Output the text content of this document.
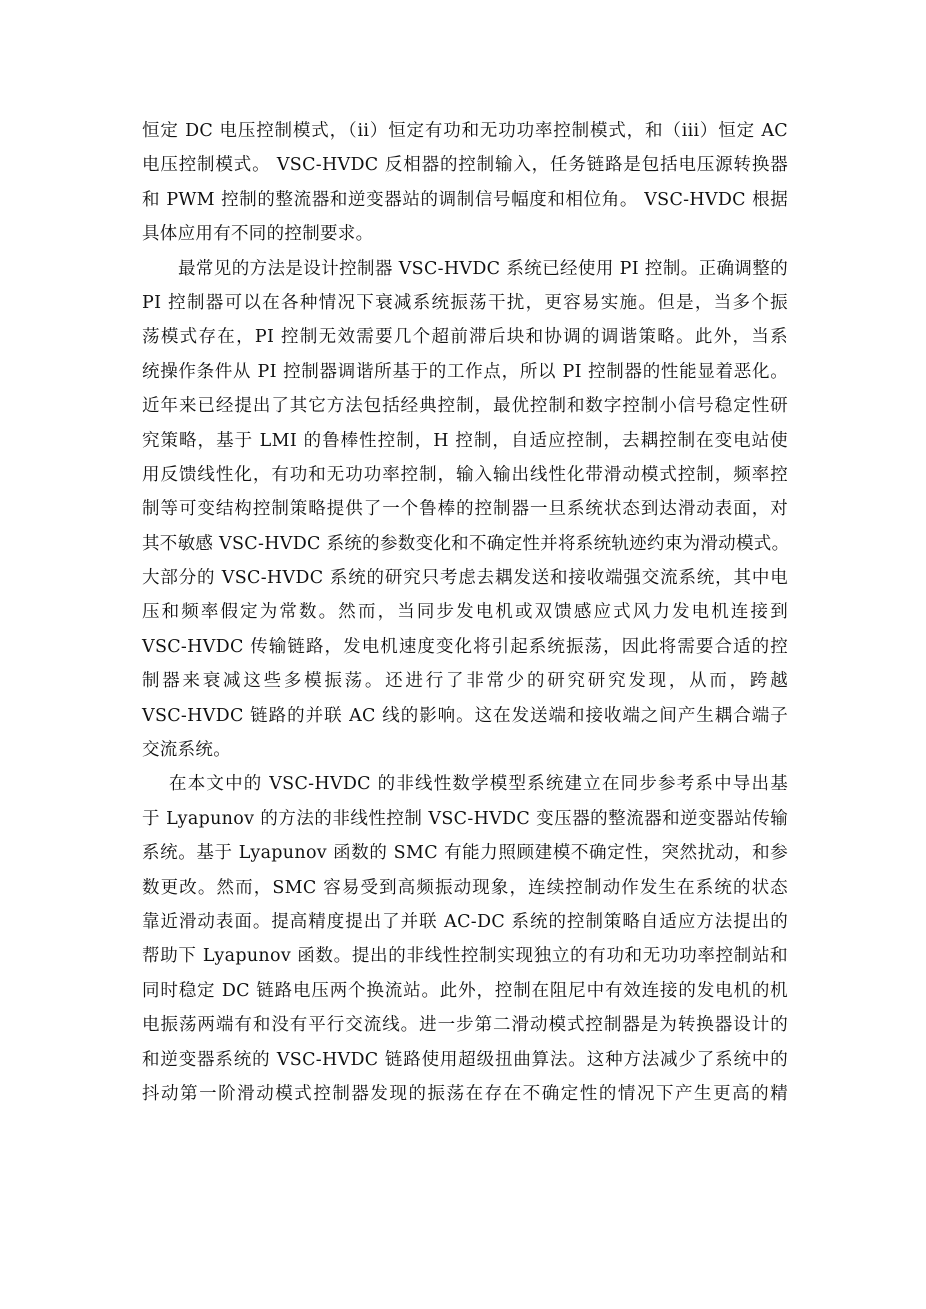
恒定 DC 电压控制模式，（ii）恒定有功和无功功率控制模式，和（iii）恒定 AC
电压控制模式。 VSC-HVDC 反相器的控制输入，任务链路是包括电压源转换器
和 PWM 控制的整流器和逆变器站的调制信号幅度和相位角。 VSC-HVDC 根据
具体应用有不同的控制要求。
最常见的方法是设计控制器 VSC-HVDC 系统已经使用 PI 控制。正确调整的
PI 控制器可以在各种情况下衰减系统振荡干扰，更容易实施。但是，当多个振
荡模式存在，PI 控制无效需要几个超前滞后块和协调的调谐策略。此外，当系
统操作条件从 PI 控制器调谐所基于的工作点，所以 PI 控制器的性能显着恶化。
近年来已经提出了其它方法包括经典控制，最优控制和数字控制小信号稳定性研
究策略，基于 LMI 的鲁棒性控制，H 控制，自适应控制，去耦控制在变电站使
用反馈线性化，有功和无功功率控制，输入输出线性化带滑动模式控制，频率控
制等可变结构控制策略提供了一个鲁棒的控制器一旦系统状态到达滑动表面，对
其不敏感 VSC-HVDC 系统的参数变化和不确定性并将系统轨迹约束为滑动模式。
大部分的 VSC-HVDC 系统的研究只考虑去耦发送和接收端强交流系统，其中电
压和频率假定为常数。然而，当同步发电机或双馈感应式风力发电机连接到
VSC-HVDC 传输链路，发电机速度变化将引起系统振荡，因此将需要合适的控
制器来衰减这些多模振荡。还进行了非常少的研究研究发现，从而，跨越
VSC-HVDC 链路的并联 AC 线的影响。这在发送端和接收端之间产生耦合端子
交流系统。
在本文中的 VSC-HVDC 的非线性数学模型系统建立在同步参考系中导出基
于 Lyapunov 的方法的非线性控制 VSC-HVDC 变压器的整流器和逆变器站传输
系统。基于 Lyapunov 函数的 SMC 有能力照顾建模不确定性，突然扰动，和参
数更改。然而，SMC 容易受到高频振动现象，连续控制动作发生在系统的状态
靠近滑动表面。提高精度提出了并联 AC-DC 系统的控制策略自适应方法提出的
帮助下 Lyapunov 函数。提出的非线性控制实现独立的有功和无功功率控制站和
同时稳定 DC 链路电压两个换流站。此外，控制在阻尼中有效连接的发电机的机
电振荡两端有和没有平行交流线。进一步第二滑动模式控制器是为转换器设计的
和逆变器系统的 VSC-HVDC 链路使用超级扭曲算法。这种方法减少了系统中的
抖动第一阶滑动模式控制器发现的振荡在存在不确定性的情况下产生更高的精
